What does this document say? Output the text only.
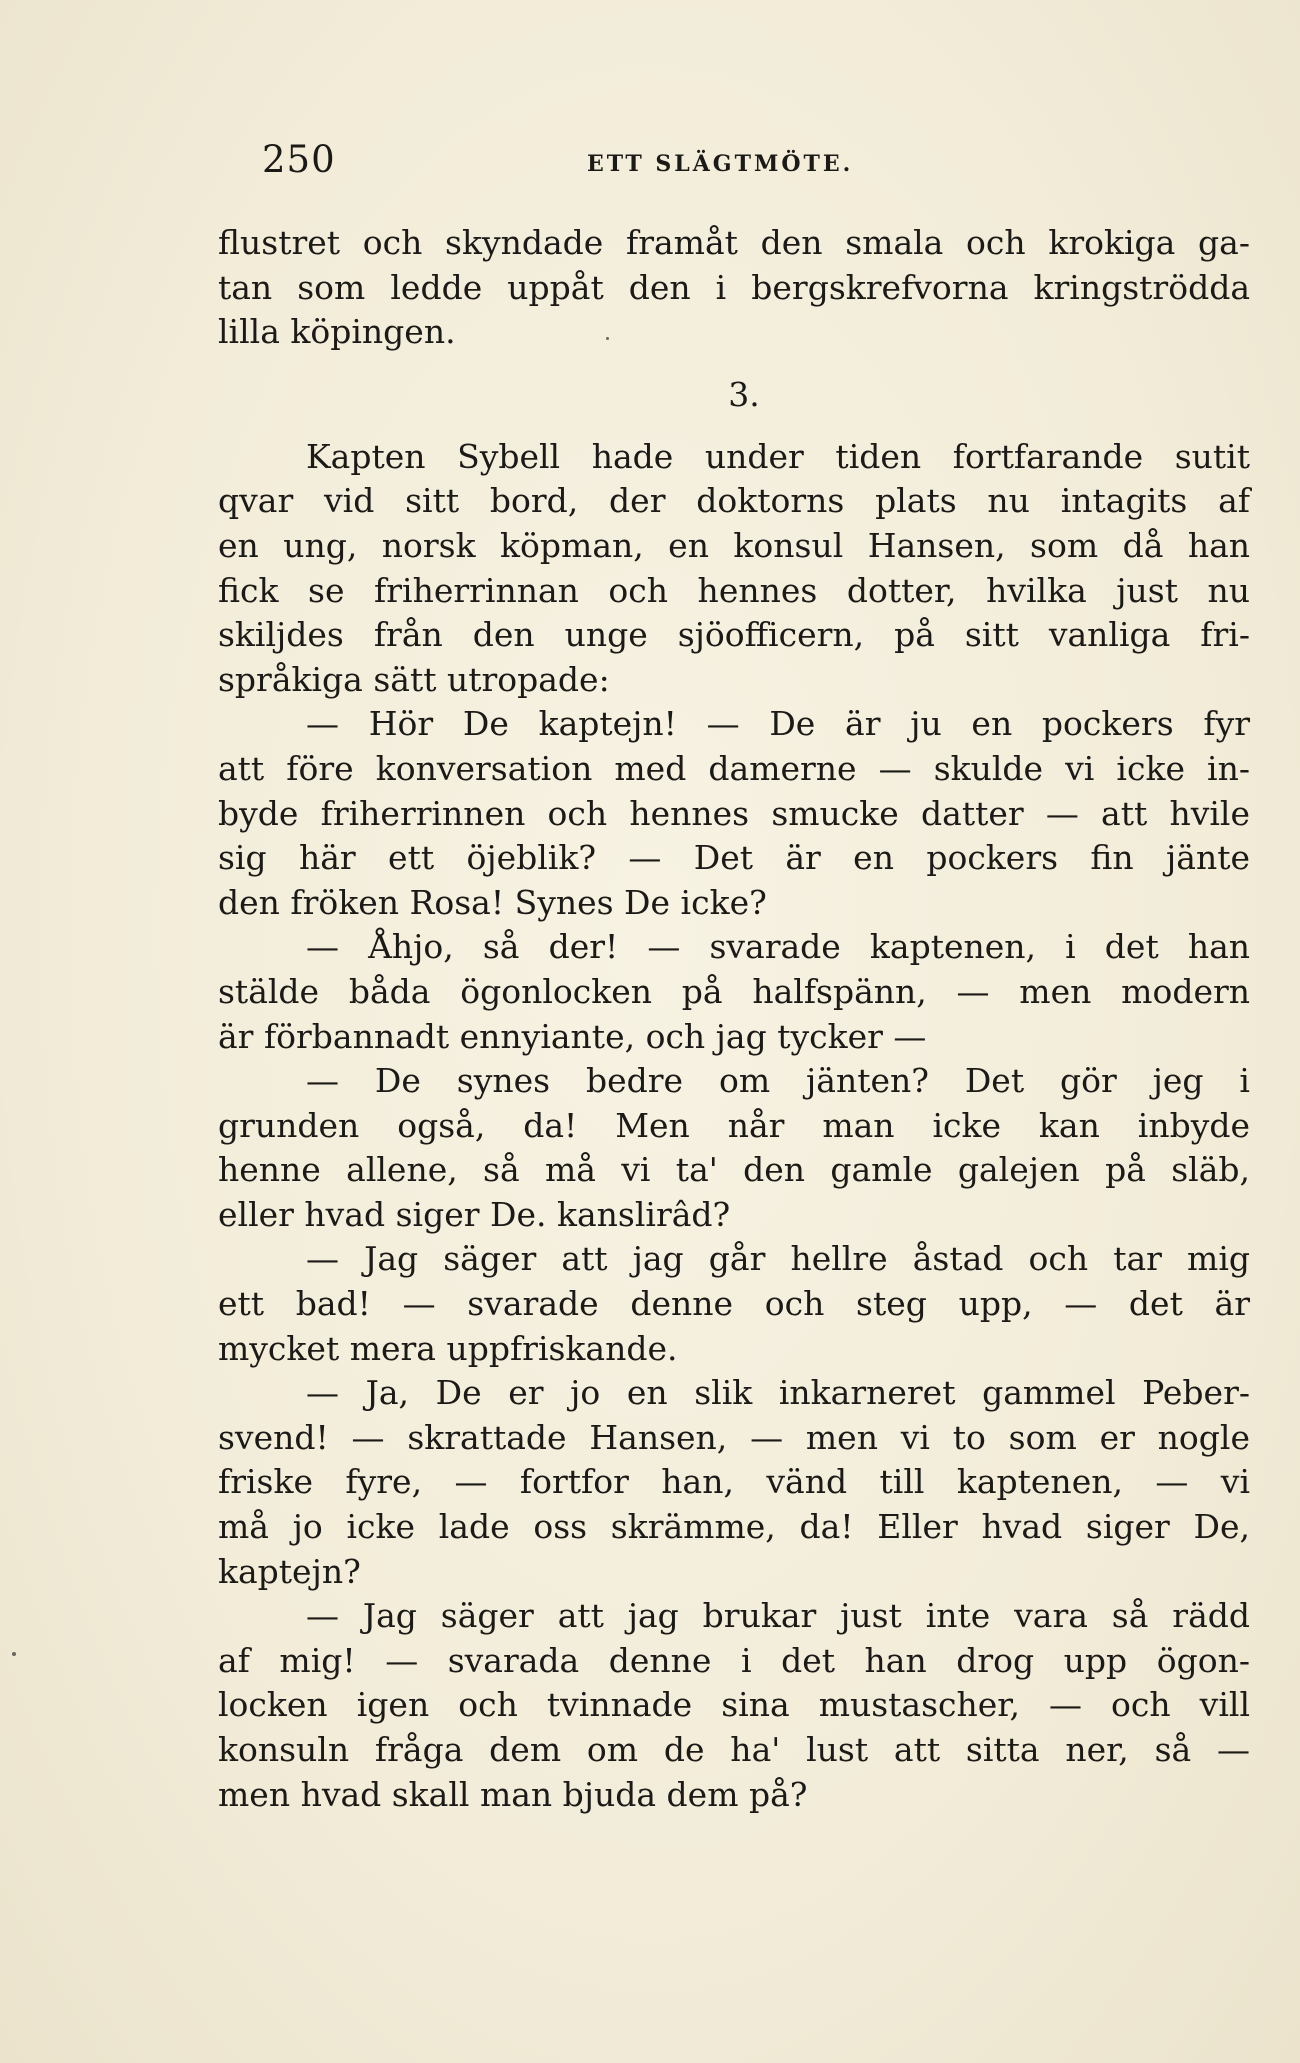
250	ETT SLÄGTMÖTE.
flustret och skyndade framåt den smala och krokiga ga-
tan som ledde uppåt den i bergskrefvorna kringströdda
lilla köpingen.
3.
Kapten Sybell hade under tiden fortfarande sutit
qvar vid sitt bord, der doktorns plats nu intagits af
en ung, norsk köpman, en konsul Hansen, som då han
fick se friherrinnan och hennes dotter, hvilka just nu
skiljdes från den unge sjöofficern, på sitt vanliga fri-
språkiga sätt utropade:
— Hör De kaptejn! — De är ju en pockers fyr
att före konversation med damerne — skulde vi icke in-
byde friherrinnen och hennes smucke datter — att hvile
sig här ett öjeblik? — Det är en pockers fin jänte
den fröken Rosa! Synes De icke?
— Åhjo, så der! — svarade kaptenen, i det han
stälde båda ögonlocken på halfspänn, — men modern
är förbannadt ennyiante, och jag tycker —
— De synes bedre om jänten? Det gör jeg i
grunden også, da! Men når man icke kan inbyde
henne allene, så må vi ta' den gamle galejen på släb,
eller hvad siger De. kanslirâd?
— Jag säger att jag går hellre åstad och tar mig
ett bad! — svarade denne och steg upp, — det är
mycket mera uppfriskande.
— Ja, De er jo en slik inkarneret gammel Peber-
svend! — skrattade Hansen, — men vi to som er nogle
friske fyre, — fortfor han, vänd till kaptenen, — vi
må jo icke lade oss skrämme, da! Eller hvad siger De,
kaptejn?
— Jag säger att jag brukar just inte vara så rädd
af mig! — svarada denne i det han drog upp ögon-
locken igen och tvinnade sina mustascher, — och vill
konsuln fråga dem om de ha' lust att sitta ner, så —
men hvad skall man bjuda dem på?
